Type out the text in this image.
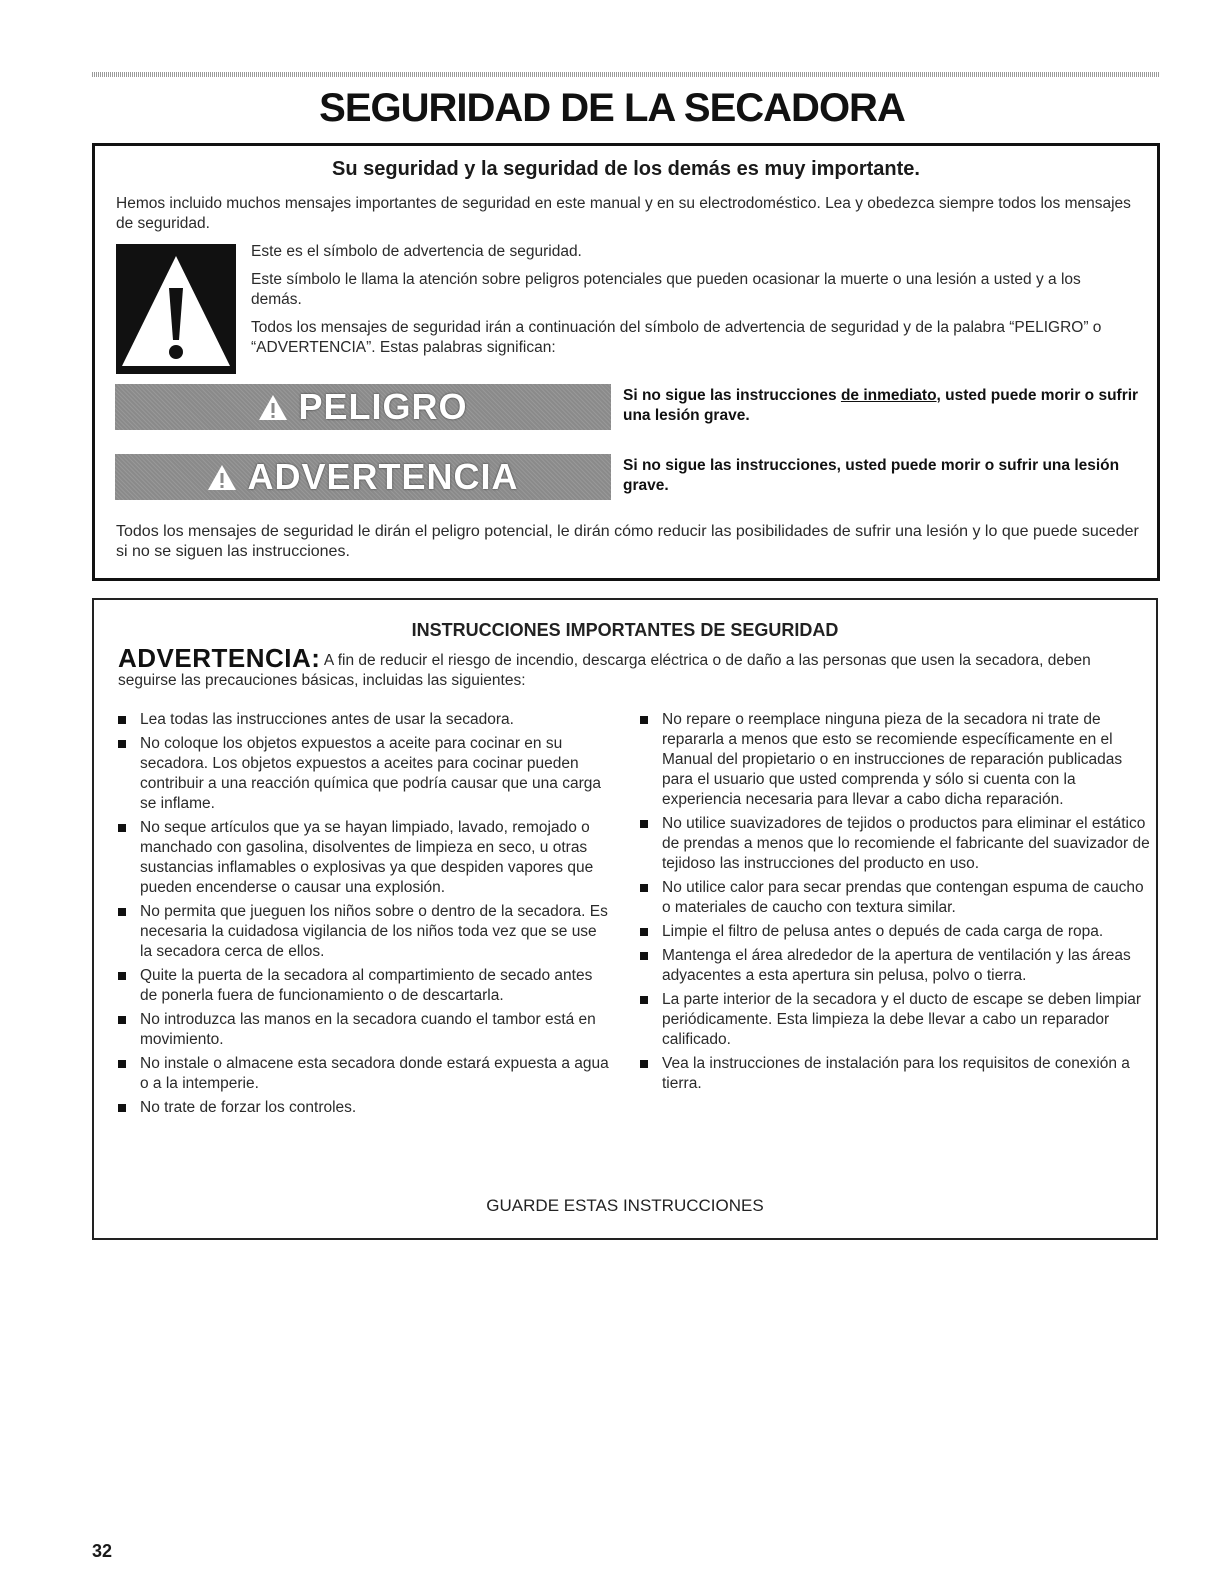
SEGURIDAD DE LA SECADORA
Su seguridad y la seguridad de los demás es muy importante.

Hemos incluido muchos mensajes importantes de seguridad en este manual y en su electrodoméstico. Lea y obedezca siempre todos los mensajes de seguridad.

Este es el símbolo de advertencia de seguridad.

Este símbolo le llama la atención sobre peligros potenciales que pueden ocasionar la muerte o una lesión a usted y a los demás.

Todos los mensajes de seguridad irán a continuación del símbolo de advertencia de seguridad y de la palabra “PELIGRO” o “ADVERTENCIA”. Estas palabras significan:

PELIGRO	Si no sigue las instrucciones de inmediato, usted puede morir o sufrir una lesión grave.

ADVERTENCIA	Si no sigue las instrucciones, usted puede morir o sufrir una lesión grave.

Todos los mensajes de seguridad le dirán el peligro potencial, le dirán cómo reducir las posibilidades de sufrir una lesión y lo que puede suceder si no se siguen las instrucciones.

INSTRUCCIONES IMPORTANTES DE SEGURIDAD

ADVERTENCIA: A fin de reducir el riesgo de incendio, descarga eléctrica o de daño a las personas que usen la secadora, deben seguirse las precauciones básicas, incluidas las siguientes:

Lea todas las instrucciones antes de usar la secadora.
No coloque los objetos expuestos a aceite para cocinar en su secadora. Los objetos expuestos a aceites para cocinar pueden contribuir a una reacción química que podría causar que una carga se inflame.
No seque artículos que ya se hayan limpiado, lavado, remojado o manchado con gasolina, disolventes de limpieza en seco, u otras sustancias inflamables o explosivas ya que despiden vapores que pueden encenderse o causar una explosión.
No permita que jueguen los niños sobre o dentro de la secadora. Es necesaria la cuidadosa vigilancia de los niños toda vez que se use la secadora cerca de ellos.
Quite la puerta de la secadora al compartimiento de secado antes de ponerla fuera de funcionamiento o de descartarla.
No introduzca las manos en la secadora cuando el tambor está en movimiento.
No instale o almacene esta secadora donde estará expuesta a agua o a la intemperie.
No trate de forzar los controles.
No repare o reemplace ninguna pieza de la secadora ni trate de repararla a menos que esto se recomiende específicamente en el Manual del propietario o en instrucciones de reparación publicadas para el usuario que usted comprenda y sólo si cuenta con la experiencia necesaria para llevar a cabo dicha reparación.
No utilice suavizadores de tejidos o productos para eliminar el estático de prendas a menos que lo recomiende el fabricante del suavizador de tejidoso las instrucciones del producto en uso.
No utilice calor para secar prendas que contengan espuma de caucho o materiales de caucho con textura similar.
Limpie el filtro de pelusa antes o depués de cada carga de ropa.
Mantenga el área alrededor de la apertura de ventilación y las áreas adyacentes a esta apertura sin pelusa, polvo o tierra.
La parte interior de la secadora y el ducto de escape se deben limpiar periódicamente. Esta limpieza la debe llevar a cabo un reparador calificado.
Vea la instrucciones de instalación para los requisitos de conexión a tierra.

GUARDE ESTAS INSTRUCCIONES

32
